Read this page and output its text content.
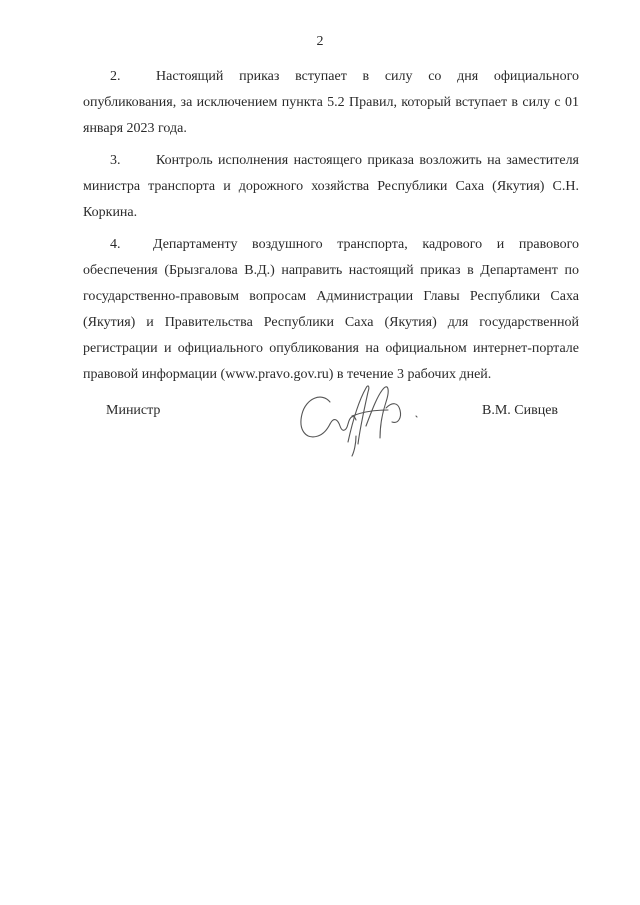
2

2.	Настоящий приказ вступает в силу со дня официального опубликования, за исключением пункта 5.2 Правил, который вступает в силу с 01 января 2023 года.

3.	Контроль исполнения настоящего приказа возложить на заместителя министра транспорта и дорожного хозяйства Республики Саха (Якутия) С.Н. Коркина.

4. Департаменту воздушного транспорта, кадрового и правового обеспечения (Брызгалова В.Д.) направить настоящий приказ в Департамент по государственно-правовым вопросам Администрации Главы Республики Саха (Якутия) и Правительства Республики Саха (Якутия) для государственной регистрации и официального опубликования на официальном интернет-портале правовой информации (www.pravo.gov.ru) в течение 3 рабочих дней.

Министр	В.М. Сивцев
